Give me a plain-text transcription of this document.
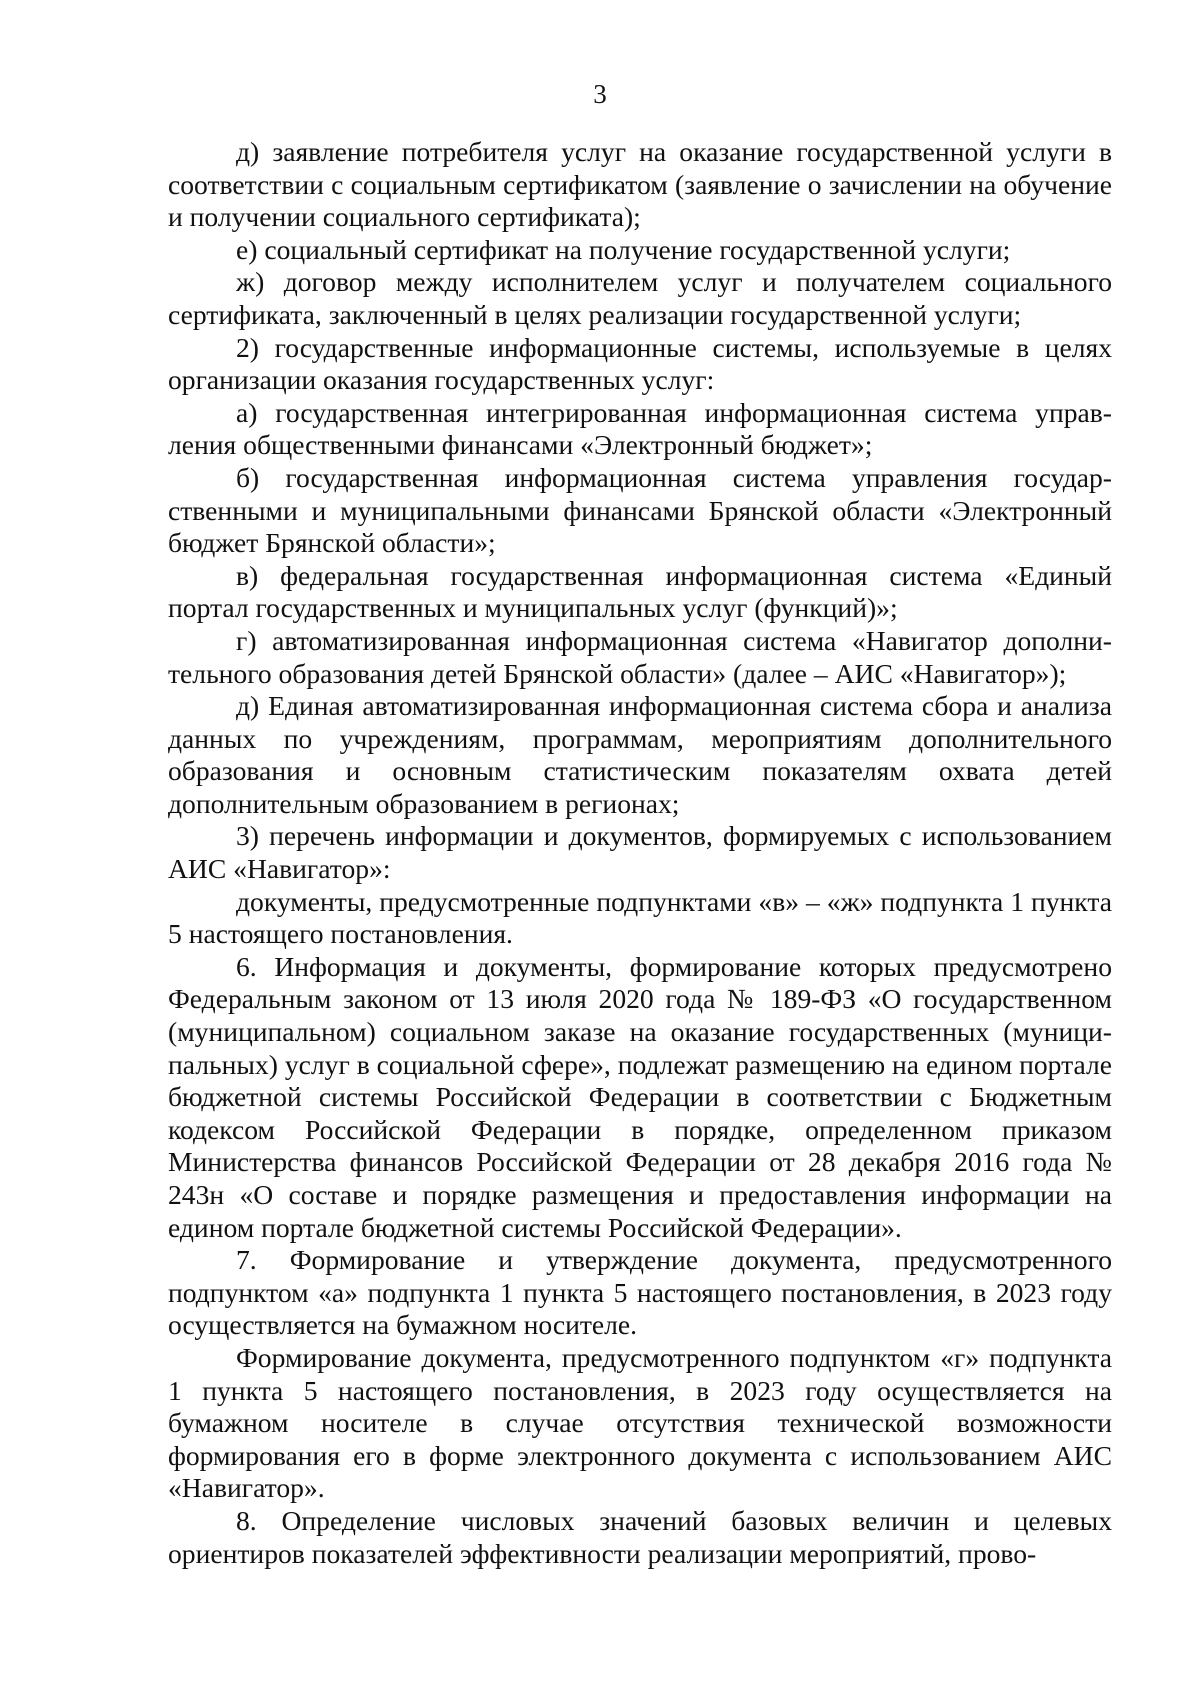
3

д) заявление потребителя услуг на оказание государственной услуги в соответствии с социальным сертификатом (заявление о зачислении на обучение и получении социального сертификата);

е) социальный сертификат на получение государственной услуги;

ж) договор между исполнителем услуг и получателем социального сертификата, заключенный в целях реализации государственной услуги;

2) государственные информационные системы, используемые в целях организации оказания государственных услуг:

а) государственная интегрированная информационная система управления общественными финансами «Электронный бюджет»;

б) государственная информационная система управления государственными и муниципальными финансами Брянской области «Электронный бюджет Брянской области»;

в) федеральная государственная информационная система «Единый портал государственных и муниципальных услуг (функций)»;

г) автоматизированная информационная система «Навигатор дополнительного образования детей Брянской области» (далее – АИС «Навигатор»);

д) Единая автоматизированная информационная система сбора и анализа данных по учреждениям, программам, мероприятиям дополнительного образования и основным статистическим показателям охвата детей дополнительным образованием в регионах;

3) перечень информации и документов, формируемых с использованием АИС «Навигатор»:

документы, предусмотренные подпунктами «в» – «ж» подпункта 1 пункта 5 настоящего постановления.

6. Информация и документы, формирование которых предусмотрено Федеральным законом от 13 июля 2020 года № 189-ФЗ «О государственном (муниципальном) социальном заказе на оказание государственных (муниципальных) услуг в социальной сфере», подлежат размещению на едином портале бюджетной системы Российской Федерации в соответствии с Бюджетным кодексом Российской Федерации в порядке, определенном приказом Министерства финансов Российской Федерации от 28 декабря 2016 года № 243н «О составе и порядке размещения и предоставления информации на едином портале бюджетной системы Российской Федерации».

7. Формирование и утверждение документа, предусмотренного подпунктом «а» подпункта 1 пункта 5 настоящего постановления, в 2023 году осуществляется на бумажном носителе.

Формирование документа, предусмотренного подпунктом «г» подпункта 1 пункта 5 настоящего постановления, в 2023 году осуществляется на бумажном носителе в случае отсутствия технической возможности формирования его в форме электронного документа с использованием АИС «Навигатор».

8. Определение числовых значений базовых величин и целевых ориентиров показателей эффективности реализации мероприятий, прово-
